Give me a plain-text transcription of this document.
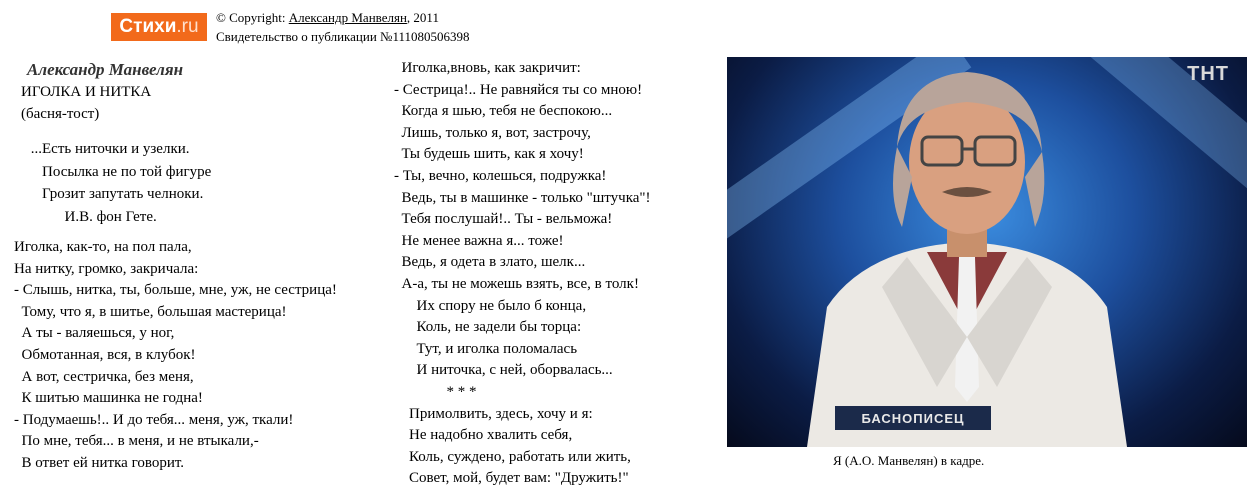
Стихи .ru © Copyright: Александр Манвелян, 2011
Свидетельство о публикации №111080506398
Александр Манвелян
ИГОЛКА И НИТКА
(басня-тост)
...Есть ниточки и узелки.
Посылка не по той фигуре
Грозит запутать челноки.
И.В. фон Гете.
Иголка, как-то, на пол пала,
На нитку, громко, закричала:
- Слышь, нитка, ты, больше, мне, уж, не сестрица!
Тому, что я, в шитье, большая мастерица!
А ты - валяешься, у ног,
Обмотанная, вся, в клубок!
А вот, сестричка, без меня,
К шитью машинка не годна!
- Подумаешь!.. И до тебя... меня, уж, ткали!
По мне, тебя... в меня, и не втыкали,-
В ответ ей нитка говорит.
Иголка,вновь, как закричит:
- Сестрица!.. Не равняйся ты со мною!
Когда я шью, тебя не беспокою...
Лишь, только я, вот, застрочу,
Ты будешь шить, как я хочу!
- Ты, вечно, колешься, подружка!
Ведь, ты в машинке - только "штучка"!
Тебя послушай!.. Ты - вельможа!
Не менее важна я... тоже!
Ведь, я одета в злато, шелк...
А-а, ты не можешь взять, все, в толк!
Их спору не было б конца,
Коль, не задели бы торца:
Тут, и иголка поломалась
И ниточка, с ней, оборвалась...
* * *
Примолвить, здесь, хочу и я:
Не надобно хвалить себя,
Коль, суждено, работать или жить,
Совет, мой, будет вам: "Дружить!"
ТНТ
БАСНОПИСЕЦ
Я (А.О. Манвелян) в кадре.
